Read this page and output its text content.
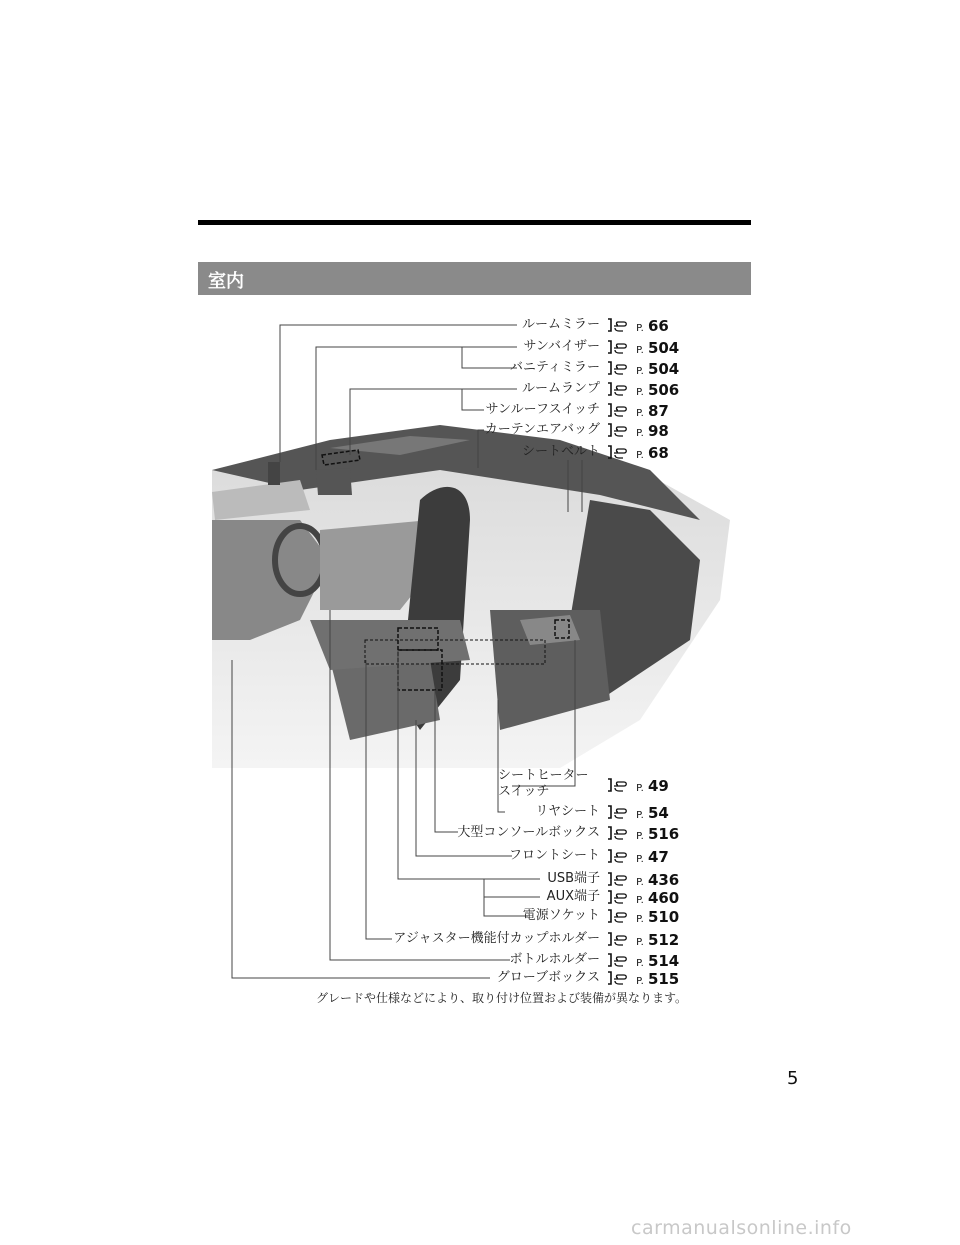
室内
ルームミラー
サンバイザー
バニティミラー
ルームランプ
サンルーフスイッチ
カーテンエアバッグ
シートベルト
シートヒーター
スイッチ
リヤシート
大型コンソールボックス
フロントシート
USB端子
AUX端子
電源ソケット
アジャスター機能付カップホルダー
ボトルホルダー
グローブボックス
P. 66
P. 504
P. 504
P. 506
P. 87
P. 98
P. 68
P. 49
P. 54
P. 516
P. 47
P. 436
P. 460
P. 510
P. 512
P. 514
P. 515
グレードや仕様などにより、取り付け位置および装備が異なります。
5
carmanualsonline.info
